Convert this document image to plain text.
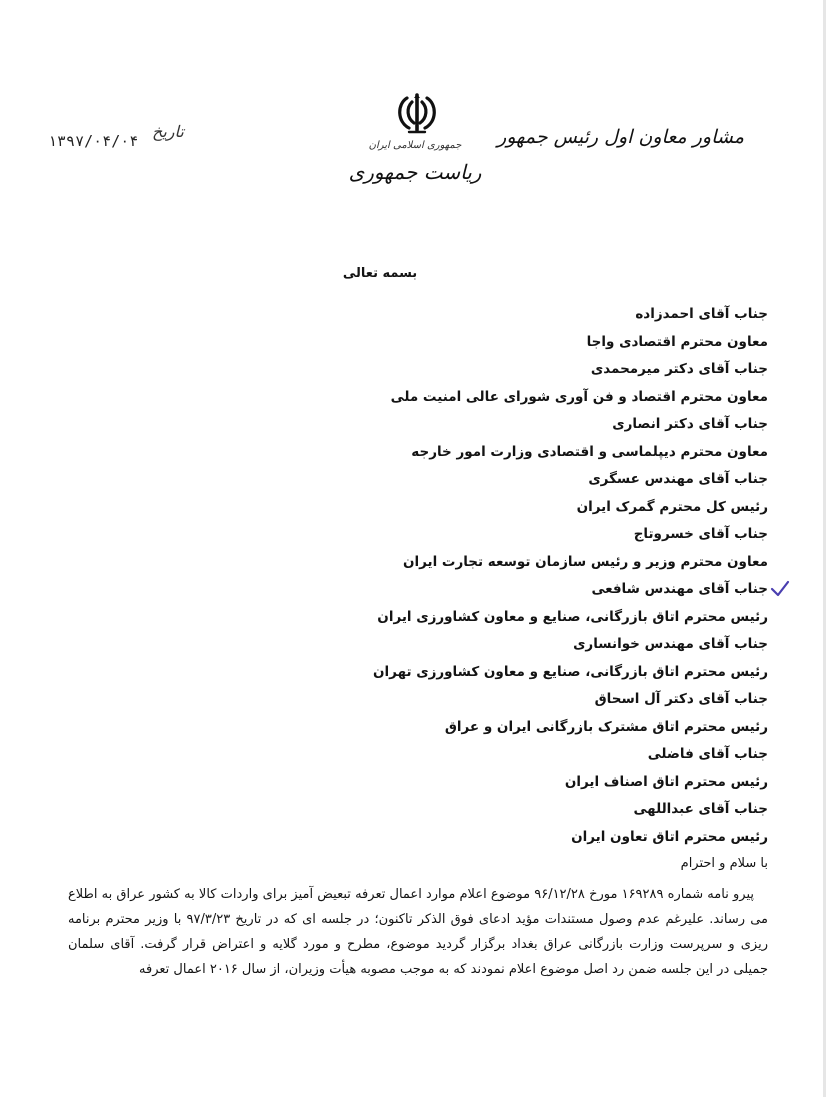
جمهوری اسلامی ایران
ریاست جمهوری
مشاور معاون اول رئیس جمهور
تاریخ
۱۳۹۷/۰۴/۰۴
بسمه تعالی
جناب آقای احمدزاده
معاون محترم اقتصادی واجا
جناب آقای دکتر میرمحمدی
معاون محترم اقتصاد و فن آوری شورای عالی امنیت ملی
جناب آقای دکتر انصاری
معاون محترم دیپلماسی و اقتصادی وزارت امور خارجه
جناب آقای مهندس عسگری
رئیس کل محترم گمرک ایران
جناب آقای خسروتاج
معاون محترم وزیر و رئیس سازمان توسعه تجارت ایران
جناب آقای مهندس شافعی
رئیس محترم اتاق بازرگانی، صنایع و معاون کشاورزی ایران
جناب آقای مهندس خوانساری
رئیس محترم اتاق بازرگانی، صنایع و معاون کشاورزی تهران
جناب آقای دکتر آل اسحاق
رئیس محترم اتاق مشترک بازرگانی ایران و عراق
جناب آقای فاضلی
رئیس محترم اتاق اصناف ایران
جناب آقای عبداللهی
رئیس محترم اتاق تعاون ایران
با سلام و احترام

پیرو نامه شماره ۱۶۹۲۸۹ مورخ ۹۶/۱۲/۲۸ موضوع اعلام موارد اعمال تعرفه تبعیض آمیز برای واردات کالا به کشور عراق به اطلاع می رساند. علیرغم عدم وصول مستندات مؤید ادعای فوق الذکر تاکنون؛ در جلسه ای که در تاریخ ۹۷/۳/۲۳ با وزیر محترم برنامه ریزی و سرپرست وزارت بازرگانی عراق بغداد برگزار گردید موضوع، مطرح و مورد گلایه و اعتراض قرار گرفت. آقای سلمان جمیلی در این جلسه ضمن رد اصل موضوع اعلام نمودند که به موجب مصوبه هیأت وزیران، از سال ۲۰۱۶ اعمال تعرفه
